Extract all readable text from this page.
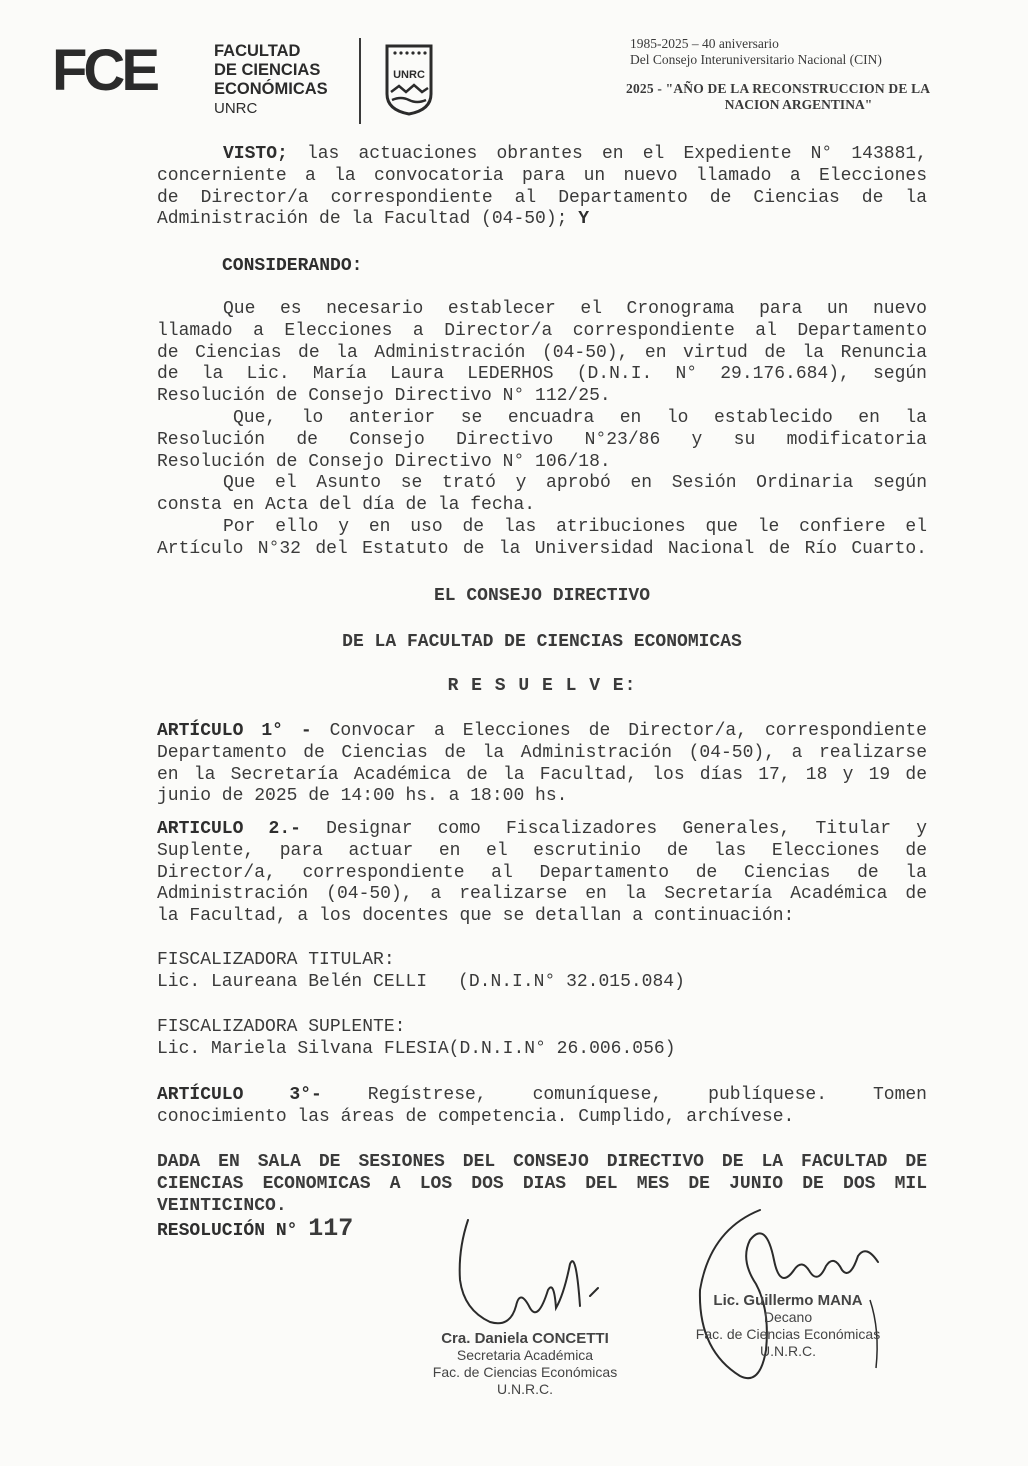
FCE	FACULTAD
DE CIENCIAS
ECONÓMICAS
UNRC
UNRC
1985-2025 – 40 aniversario
Del Consejo Interuniversitario Nacional (CIN)
2025 - "AÑO DE LA RECONSTRUCCION DE LA
NACION ARGENTINA"
VISTO; las actuaciones obrantes en el Expediente N° 143881,
concerniente a la convocatoria para un nuevo llamado a Elecciones
de Director/a correspondiente al Departamento de Ciencias de la
Administración de la Facultad (04-50); Y
CONSIDERANDO:
Que es necesario establecer el Cronograma para un nuevo
llamado a Elecciones a Director/a correspondiente al Departamento
de Ciencias de la Administración (04-50), en virtud de la Renuncia
de la Lic. María Laura LEDERHOS (D.N.I. N° 29.176.684), según
Resolución de Consejo Directivo N° 112/25.
Que, lo anterior se encuadra en lo establecido en la
Resolución de Consejo Directivo N°23/86 y su modificatoria
Resolución de Consejo Directivo N° 106/18.
Que el Asunto se trató y aprobó en Sesión Ordinaria según
consta en Acta del día de la fecha.
Por ello y en uso de las atribuciones que le confiere el
Artículo N°32 del Estatuto de la Universidad Nacional de Río Cuarto.
EL CONSEJO DIRECTIVO
DE LA FACULTAD DE CIENCIAS ECONOMICAS
R E S U E L V E:
ARTÍCULO 1° - Convocar a Elecciones de Director/a, correspondiente
Departamento de Ciencias de la Administración (04-50), a realizarse
en la Secretaría Académica de la Facultad, los días 17, 18 y 19 de
junio de 2025 de 14:00 hs. a 18:00 hs.
ARTICULO 2.- Designar como Fiscalizadores Generales, Titular y
Suplente, para actuar en el escrutinio de las Elecciones de
Director/a, correspondiente al Departamento de Ciencias de la
Administración (04-50), a realizarse en la Secretaría Académica de
la Facultad, a los docentes que se detallan a continuación:
FISCALIZADORA TITULAR:
Lic. Laureana Belén CELLI (D.N.I.N° 32.015.084)
FISCALIZADORA SUPLENTE:
Lic. Mariela Silvana FLESIA(D.N.I.N° 26.006.056)
ARTÍCULO 3°-	Regístrese, comuníquese, publíquese. Tomen
conocimiento las áreas de competencia. Cumplido, archívese.
DADA EN SALA DE SESIONES DEL CONSEJO DIRECTIVO DE LA FACULTAD DE
CIENCIAS ECONOMICAS A LOS DOS DIAS DEL MES DE JUNIO DE DOS MIL
VEINTICINCO.
RESOLUCIÓN N° 117
Cra. Daniela CONCETTI
Secretaria Académica
Fac. de Ciencias Económicas
U.N.R.C.
Lic. Guillermo MANA
Decano
Fac. de Ciencias Económicas
U.N.R.C.
